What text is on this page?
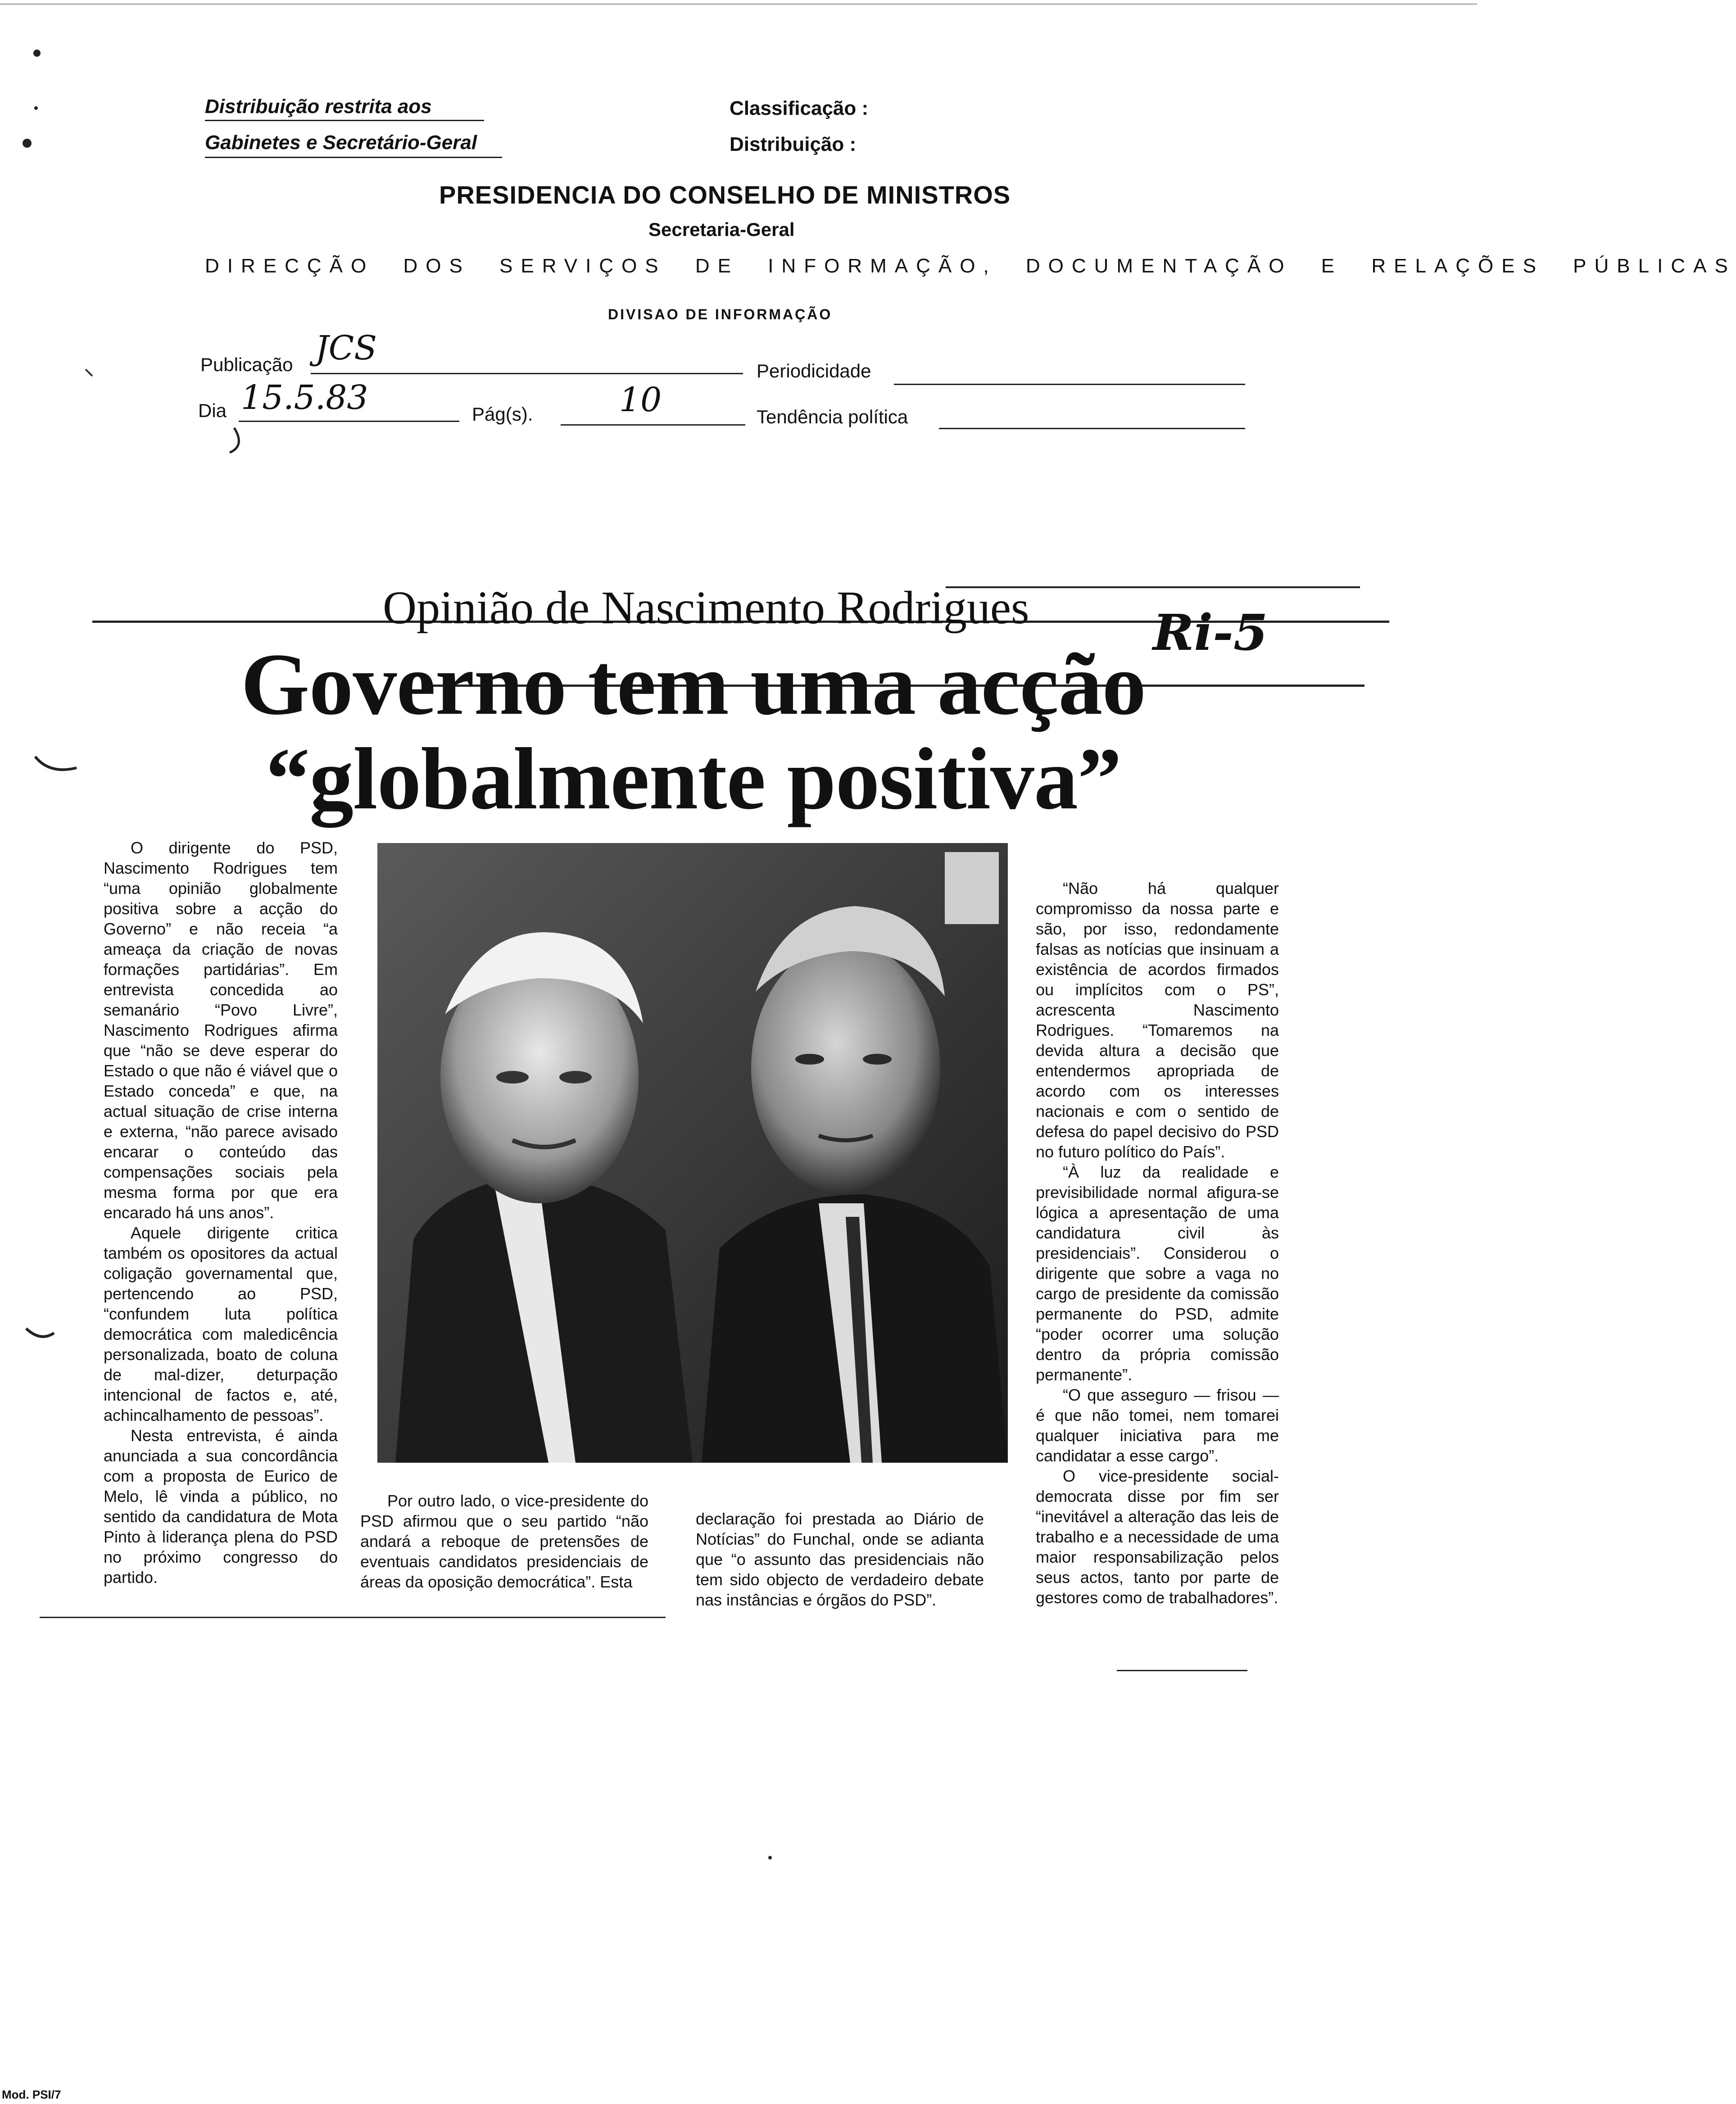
Distribuição restrita aos
Gabinetes e Secretário-Geral
Classificação :
Distribuição :
PRESIDENCIA DO CONSELHO DE MINISTROS
Secretaria-Geral
DIRECÇÃO DOS SERVIÇOS DE INFORMAÇÃO, DOCUMENTAÇÃO E RELAÇÕES PÚBLICAS
DIVISAO DE INFORMAÇÃO
Publicação JCS
Periodicidade
Dia 15.5.83	Pág(s).	10	Tendência política
Opinião de Nascimento Rodrigues Ri-5
Governo tem uma acção
“globalmente positiva”

O dirigente do PSD, Nascimento Rodrigues tem “uma opinião globalmente positiva sobre a acção do Governo” e não receia “a ameaça da criação de novas formações partidárias”. Em entrevista concedida ao semanário “Povo Livre”, Nascimento Rodrigues afirma que “não se deve esperar do Estado o que não é viável que o Estado conceda” e que, na actual situação de crise interna e externa, “não parece avisado encarar o conteúdo das compensações sociais pela mesma forma por que era encarado há uns anos”.

Aquele dirigente critica também os opositores da actual coligação governamental que, pertencendo ao PSD, “confundem luta política democrática com maledicência personalizada, boato de coluna de mal-dizer, deturpação intencional de factos e, até, achincalhamento de pessoas”.

Nesta entrevista, é ainda anunciada a sua concordância com a proposta de Eurico de Melo, lê vinda a público, no sentido da candidatura de Mota Pinto à liderança plena do PSD no próximo congresso do partido.

Por outro lado, o vice-presidente do PSD afirmou que o seu partido “não andará a reboque de pretensões de eventuais candidatos presidenciais de áreas da oposição democrática”. Esta

declaração foi prestada ao Diário de Notícias” do Funchal, onde se adianta que “o assunto das presidenciais não tem sido objecto de verdadeiro debate nas instâncias e órgãos do PSD”.

“Não há qualquer compromisso da nossa parte e são, por isso, redondamente falsas as notícias que insinuam a existência de acordos firmados ou implícitos com o PS”, acrescenta Nascimento Rodrigues. “Tomaremos na devida altura a decisão que entendermos apropriada de acordo com os interesses nacionais e com o sentido de defesa do papel decisivo do PSD no futuro político do País”.

“À luz da realidade e previsibilidade normal afigura-se lógica a apresentação de uma candidatura civil às presidenciais”. Considerou o dirigente que sobre a vaga no cargo de presidente da comissão permanente do PSD, admite “poder ocorrer uma solução dentro da própria comissão permanente”.

“O que asseguro — frisou — é que não tomei, nem tomarei qualquer iniciativa para me candidatar a esse cargo”.

O vice-presidente social-democrata disse por fim ser “inevitável a alteração das leis de trabalho e a necessidade de uma maior responsabilização pelos seus actos, tanto por parte de gestores como de trabalhadores”.

Mod. PSI/7
